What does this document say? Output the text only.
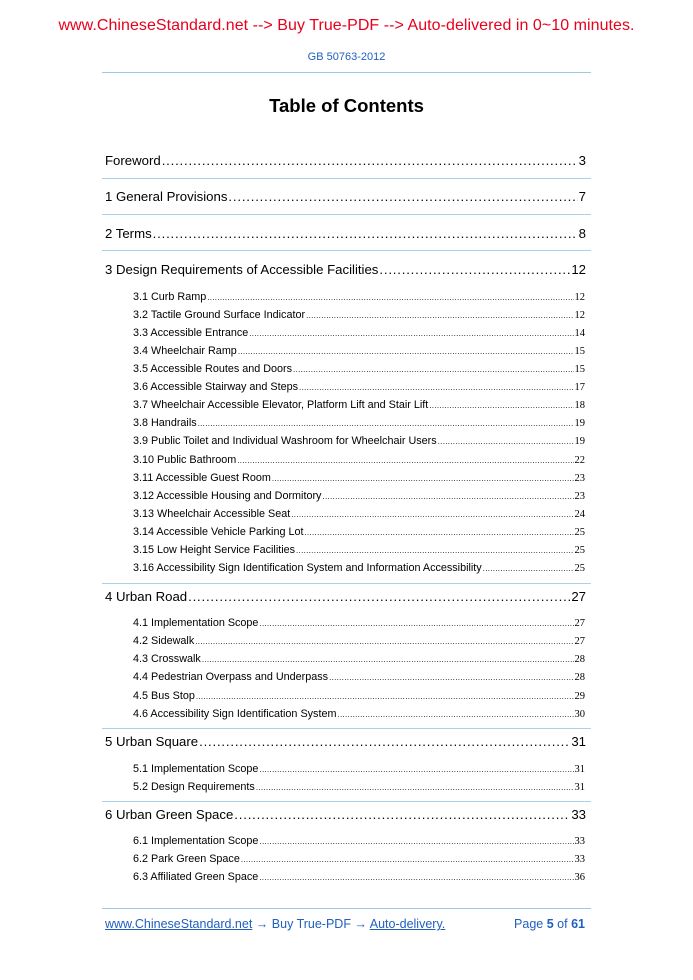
www.ChineseStandard.net --> Buy True-PDF --> Auto-delivered in 0~10 minutes.
GB 50763-2012
Table of Contents
Foreword .....	3
1 General Provisions .....	7
2 Terms .....	8
3 Design Requirements of Accessible Facilities .....	12
3.1 Curb Ramp .....	12
3.2 Tactile Ground Surface Indicator .....	12
3.3 Accessible Entrance .....	14
3.4 Wheelchair Ramp .....	15
3.5 Accessible Routes and Doors .....	15
3.6 Accessible Stairway and Steps .....	17
3.7 Wheelchair Accessible Elevator, Platform Lift and Stair Lift .....	18
3.8 Handrails .....	19
3.9 Public Toilet and Individual Washroom for Wheelchair Users .....	19
3.10 Public Bathroom .....	22
3.11 Accessible Guest Room .....	23
3.12 Accessible Housing and Dormitory .....	23
3.13 Wheelchair Accessible Seat .....	24
3.14 Accessible Vehicle Parking Lot .....	25
3.15 Low Height Service Facilities .....	25
3.16 Accessibility Sign Identification System and Information Accessibility .....	25
4 Urban Road .....	27
4.1 Implementation Scope .....	27
4.2 Sidewalk .....	27
4.3 Crosswalk .....	28
4.4 Pedestrian Overpass and Underpass .....	28
4.5 Bus Stop .....	29
4.6 Accessibility Sign Identification System .....	30
5 Urban Square .....	31
5.1 Implementation Scope .....	31
5.2 Design Requirements .....	31
6 Urban Green Space .....	33
6.1 Implementation Scope .....	33
6.2 Park Green Space .....	33
6.3 Affiliated Green Space .....	36
www.ChineseStandard.net → Buy True-PDF → Auto-delivery.	Page 5 of 61
